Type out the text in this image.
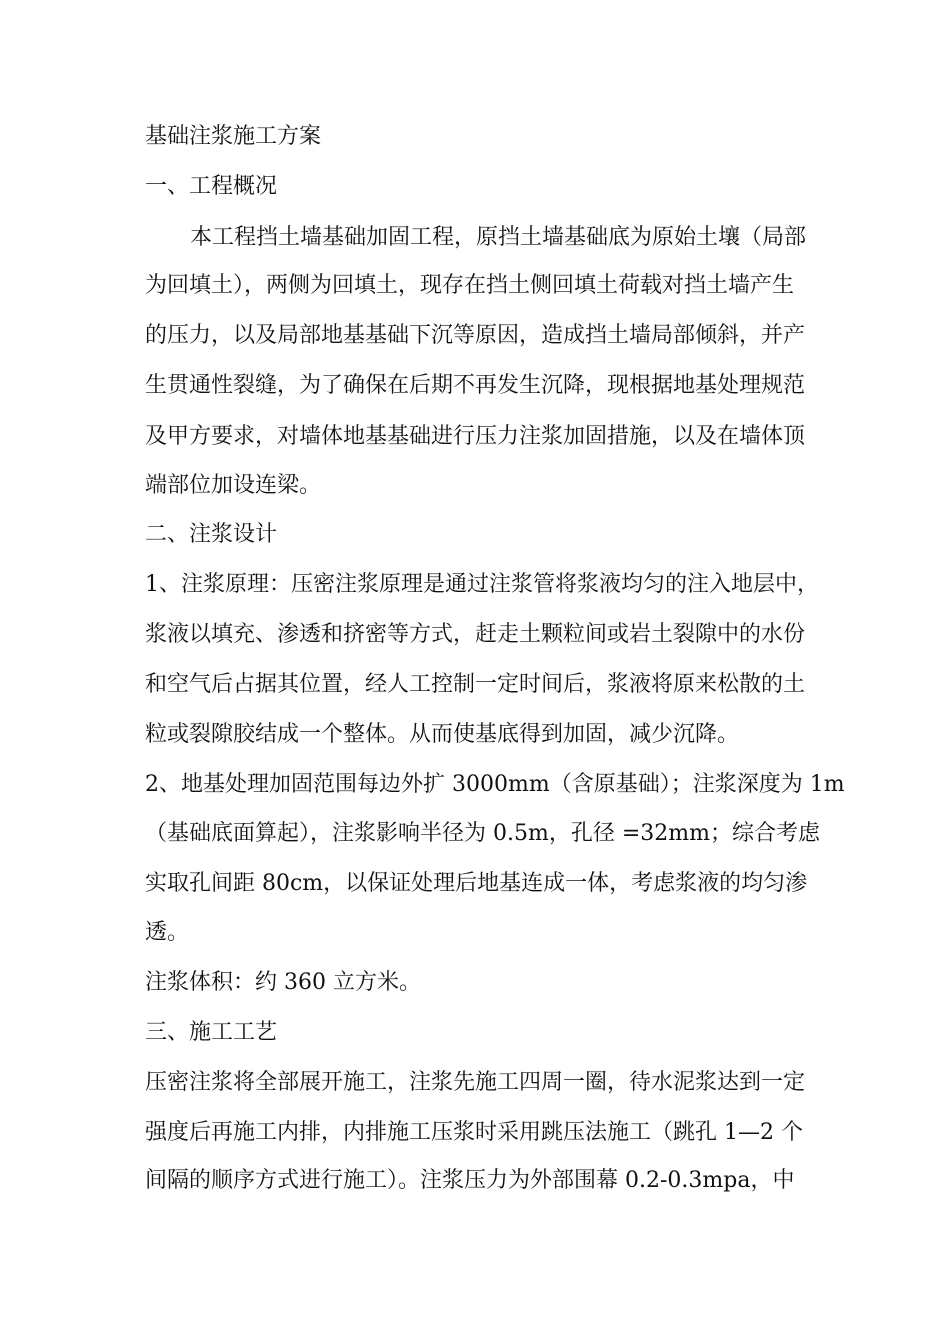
基础注浆施工方案
一、工程概况
本工程挡土墙基础加固工程，原挡土墙基础底为原始土壤（局部
为回填土），两侧为回填土，现存在挡土侧回填土荷载对挡土墙产生
的压力，以及局部地基基础下沉等原因，造成挡土墙局部倾斜，并产
生贯通性裂缝，为了确保在后期不再发生沉降，现根据地基处理规范
及甲方要求，对墙体地基基础进行压力注浆加固措施，以及在墙体顶
端部位加设连梁。
二、注浆设计
1、注浆原理：压密注浆原理是通过注浆管将浆液均匀的注入地层中，
浆液以填充、渗透和挤密等方式，赶走土颗粒间或岩土裂隙中的水份
和空气后占据其位置，经人工控制一定时间后，浆液将原来松散的土
粒或裂隙胶结成一个整体。从而使基底得到加固，减少沉降。
2、地基处理加固范围每边外扩 3000mm（含原基础）；注浆深度为 1m
（基础底面算起），注浆影响半径为 0.5m，孔径 =32mm；综合考虑
实取孔间距 80cm，以保证处理后地基连成一体，考虑浆液的均匀渗
透。
注浆体积：约 360 立方米。
三、施工工艺
压密注浆将全部展开施工，注浆先施工四周一圈，待水泥浆达到一定
强度后再施工内排，内排施工压浆时采用跳压法施工（跳孔 1—2 个
间隔的顺序方式进行施工）。注浆压力为外部围幕 0.2-0.3mpa，中
